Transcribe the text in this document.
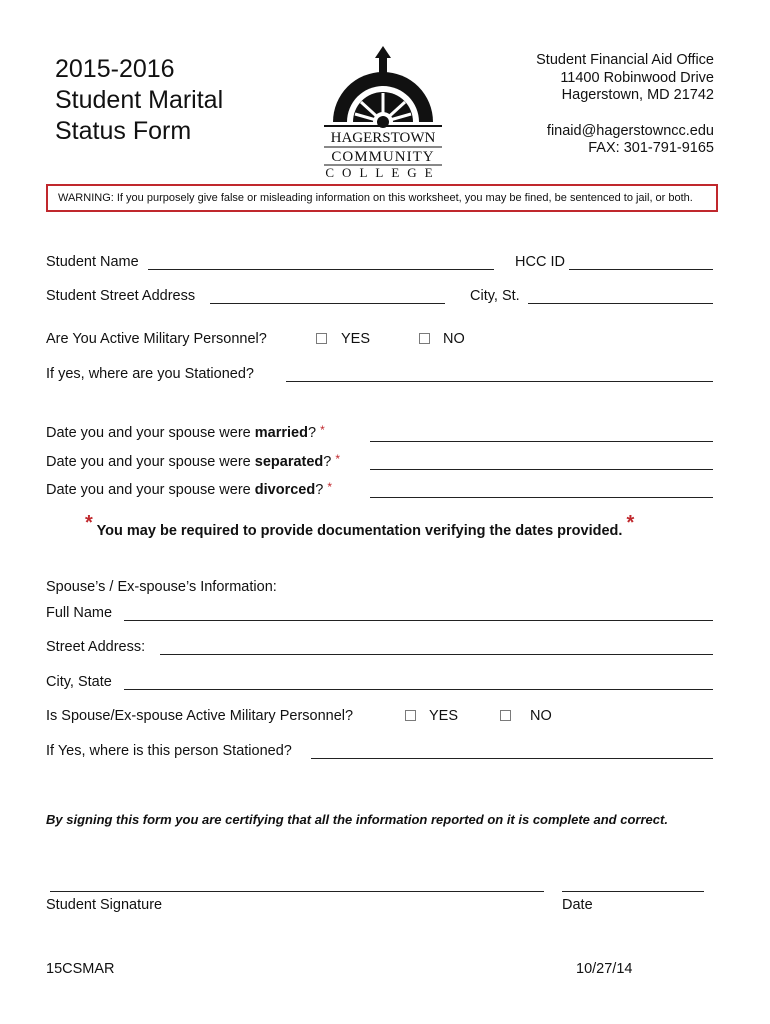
2015-2016
Student Marital
Status Form	HAGERSTOWN
COMMUNITY
COLLEGE
Student Financial Aid Office
11400 Robinwood Drive
Hagerstown, MD 21742
finaid@hagerstowncc.edu
FAX: 301-791-9165
WARNING: If you purposely give false or misleading information on this worksheet, you may be fined, be sentenced to jail, or both.
Student Name	HCC ID
Student Street Address	City, St.
Are You Active Military Personnel?	YES	NO
If yes, where are you Stationed?
Date you and your spouse were married? *
Date you and your spouse were separated? *
Date you and your spouse were divorced? *
* You may be required to provide documentation verifying the dates provided. *
Spouse’s / Ex-spouse’s Information:
Full Name
Street Address:
City, State
Is Spouse/Ex-spouse Active Military Personnel?	YES	NO
If Yes, where is this person Stationed?
By signing this form you are certifying that all the information reported on it is complete and correct.
Student Signature	Date
15CSMAR	10/27/14
